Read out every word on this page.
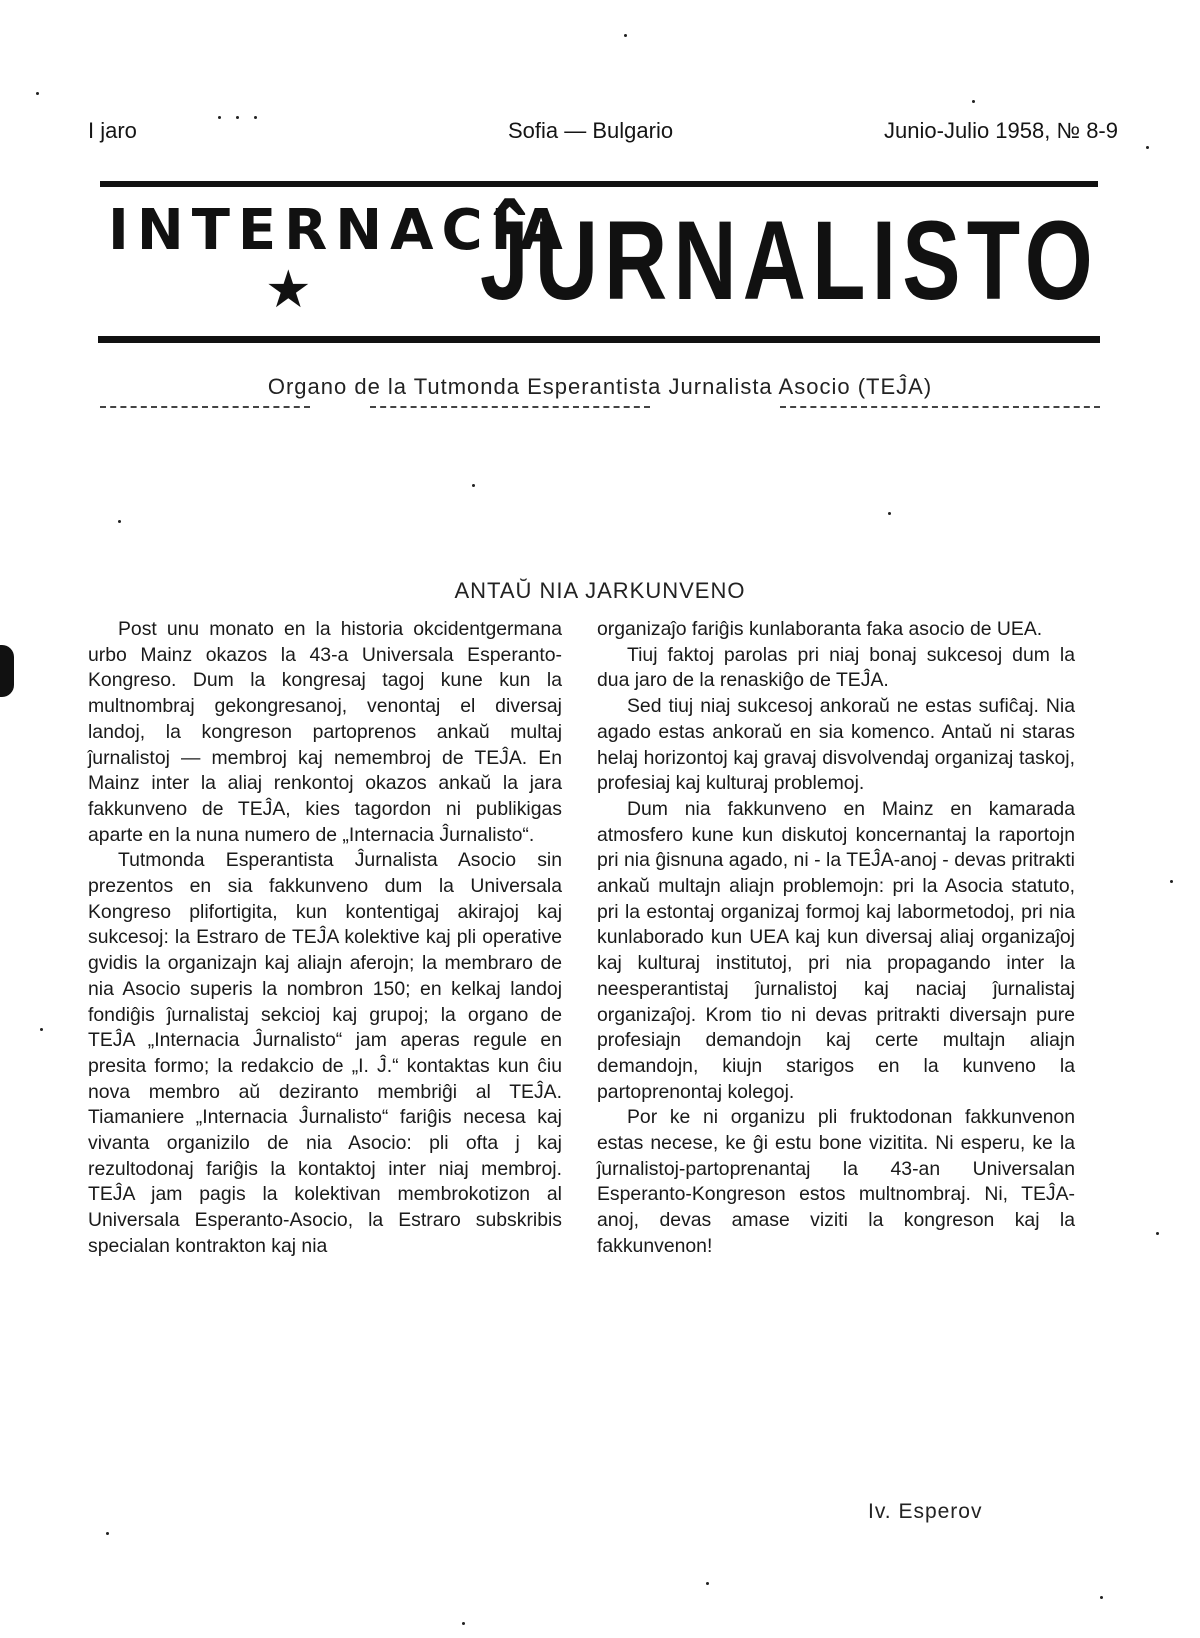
I jaro	Sofia — Bulgario	Junio-Julio 1958, № 8-9
INTERNACIA
★ ĴURNALISTO
Organo de la Tutmonda Esperantista Jurnalista Asocio (TEĴA)
ANTAŬ NIA JARKUNVENO

Post unu monato en la historia okcidentgermana urbo Mainz okazos la 43-a Universala Esperanto-Kongreso. Dum la kongresaj tagoj kune kun la multnombraj gekongresanoj, venontaj el diversaj landoj, la kongreson partoprenos ankaŭ multaj ĵurnalistoj — membroj kaj nemembroj de TEĴA. En Mainz inter la aliaj renkontoj okazos ankaŭ la jara fakkunveno de TEĴA, kies tagordon ni publikigas aparte en la nuna numero de „Internacia Ĵurnalisto“.

Tutmonda Esperantista Ĵurnalista Asocio sin prezentos en sia fakkunveno dum la Universala Kongreso plifortigita, kun kontentigaj akirajoj kaj sukcesoj: la Estraro de TEĴA kolektive kaj pli operative gvidis la organizajn kaj aliajn aferojn; la membraro de nia Asocio superis la nombron 150; en kelkaj landoj fondiĝis ĵurnalistaj sekcioj kaj grupoj; la organo de TEĴA „Internacia Ĵurnalisto“ jam aperas regule en presita formo; la redakcio de „I. Ĵ.“ kontaktas kun ĉiu nova membro aŭ deziranto membriĝi al TEĴA. Tiamaniere „Internacia Ĵurnalisto“ fariĝis necesa kaj vivanta organizilo de nia Asocio: pli ofta j kaj rezultodonaj fariĝis la kontaktoj inter niaj membroj. TEĴA jam pagis la kolektivan membrokotizon al Universala Esperanto-Asocio, la Estraro subskribis specialan kontrakton kaj nia

organizaĵo fariĝis kunlaboranta faka asocio de UEA.

Tiuj faktoj parolas pri niaj bonaj sukcesoj dum la dua jaro de la renaskiĝo de TEĴA.

Sed tiuj niaj sukcesoj ankoraŭ ne estas sufiĉaj. Nia agado estas ankoraŭ en sia komenco. Antaŭ ni staras helaj horizontoj kaj gravaj disvolvendaj organizaj taskoj, profesiaj kaj kulturaj problemoj.

Dum nia fakkunveno en Mainz en kamarada atmosfero kune kun diskutoj koncernantaj la raportojn pri nia ĝisnuna agado, ni - la TEĴA-anoj - devas pritrakti ankaŭ multajn aliajn problemojn: pri la Asocia statuto, pri la estontaj organizaj formoj kaj labormetodoj, pri nia kunlaborado kun UEA kaj kun diversaj aliaj organizaĵoj kaj kulturaj institutoj, pri nia propagando inter la neesperantistaj ĵurnalistoj kaj naciaj ĵurnalistaj organizaĵoj. Krom tio ni devas pritrakti diversajn pure profesiajn demandojn kaj certe multajn aliajn demandojn, kiujn starigos en la kunveno la partoprenontaj kolegoj.

Por ke ni organizu pli fruktodonan fakkunvenon estas necese, ke ĝi estu bone vizitita. Ni esperu, ke la ĵurnalistoj-partoprenantaj la 43-an Universalan Esperanto-Kongreson estos multnombraj. Ni, TEĴA-anoj, devas amase viziti la kongreson kaj la fakkunvenon!

Iv. Esperov
